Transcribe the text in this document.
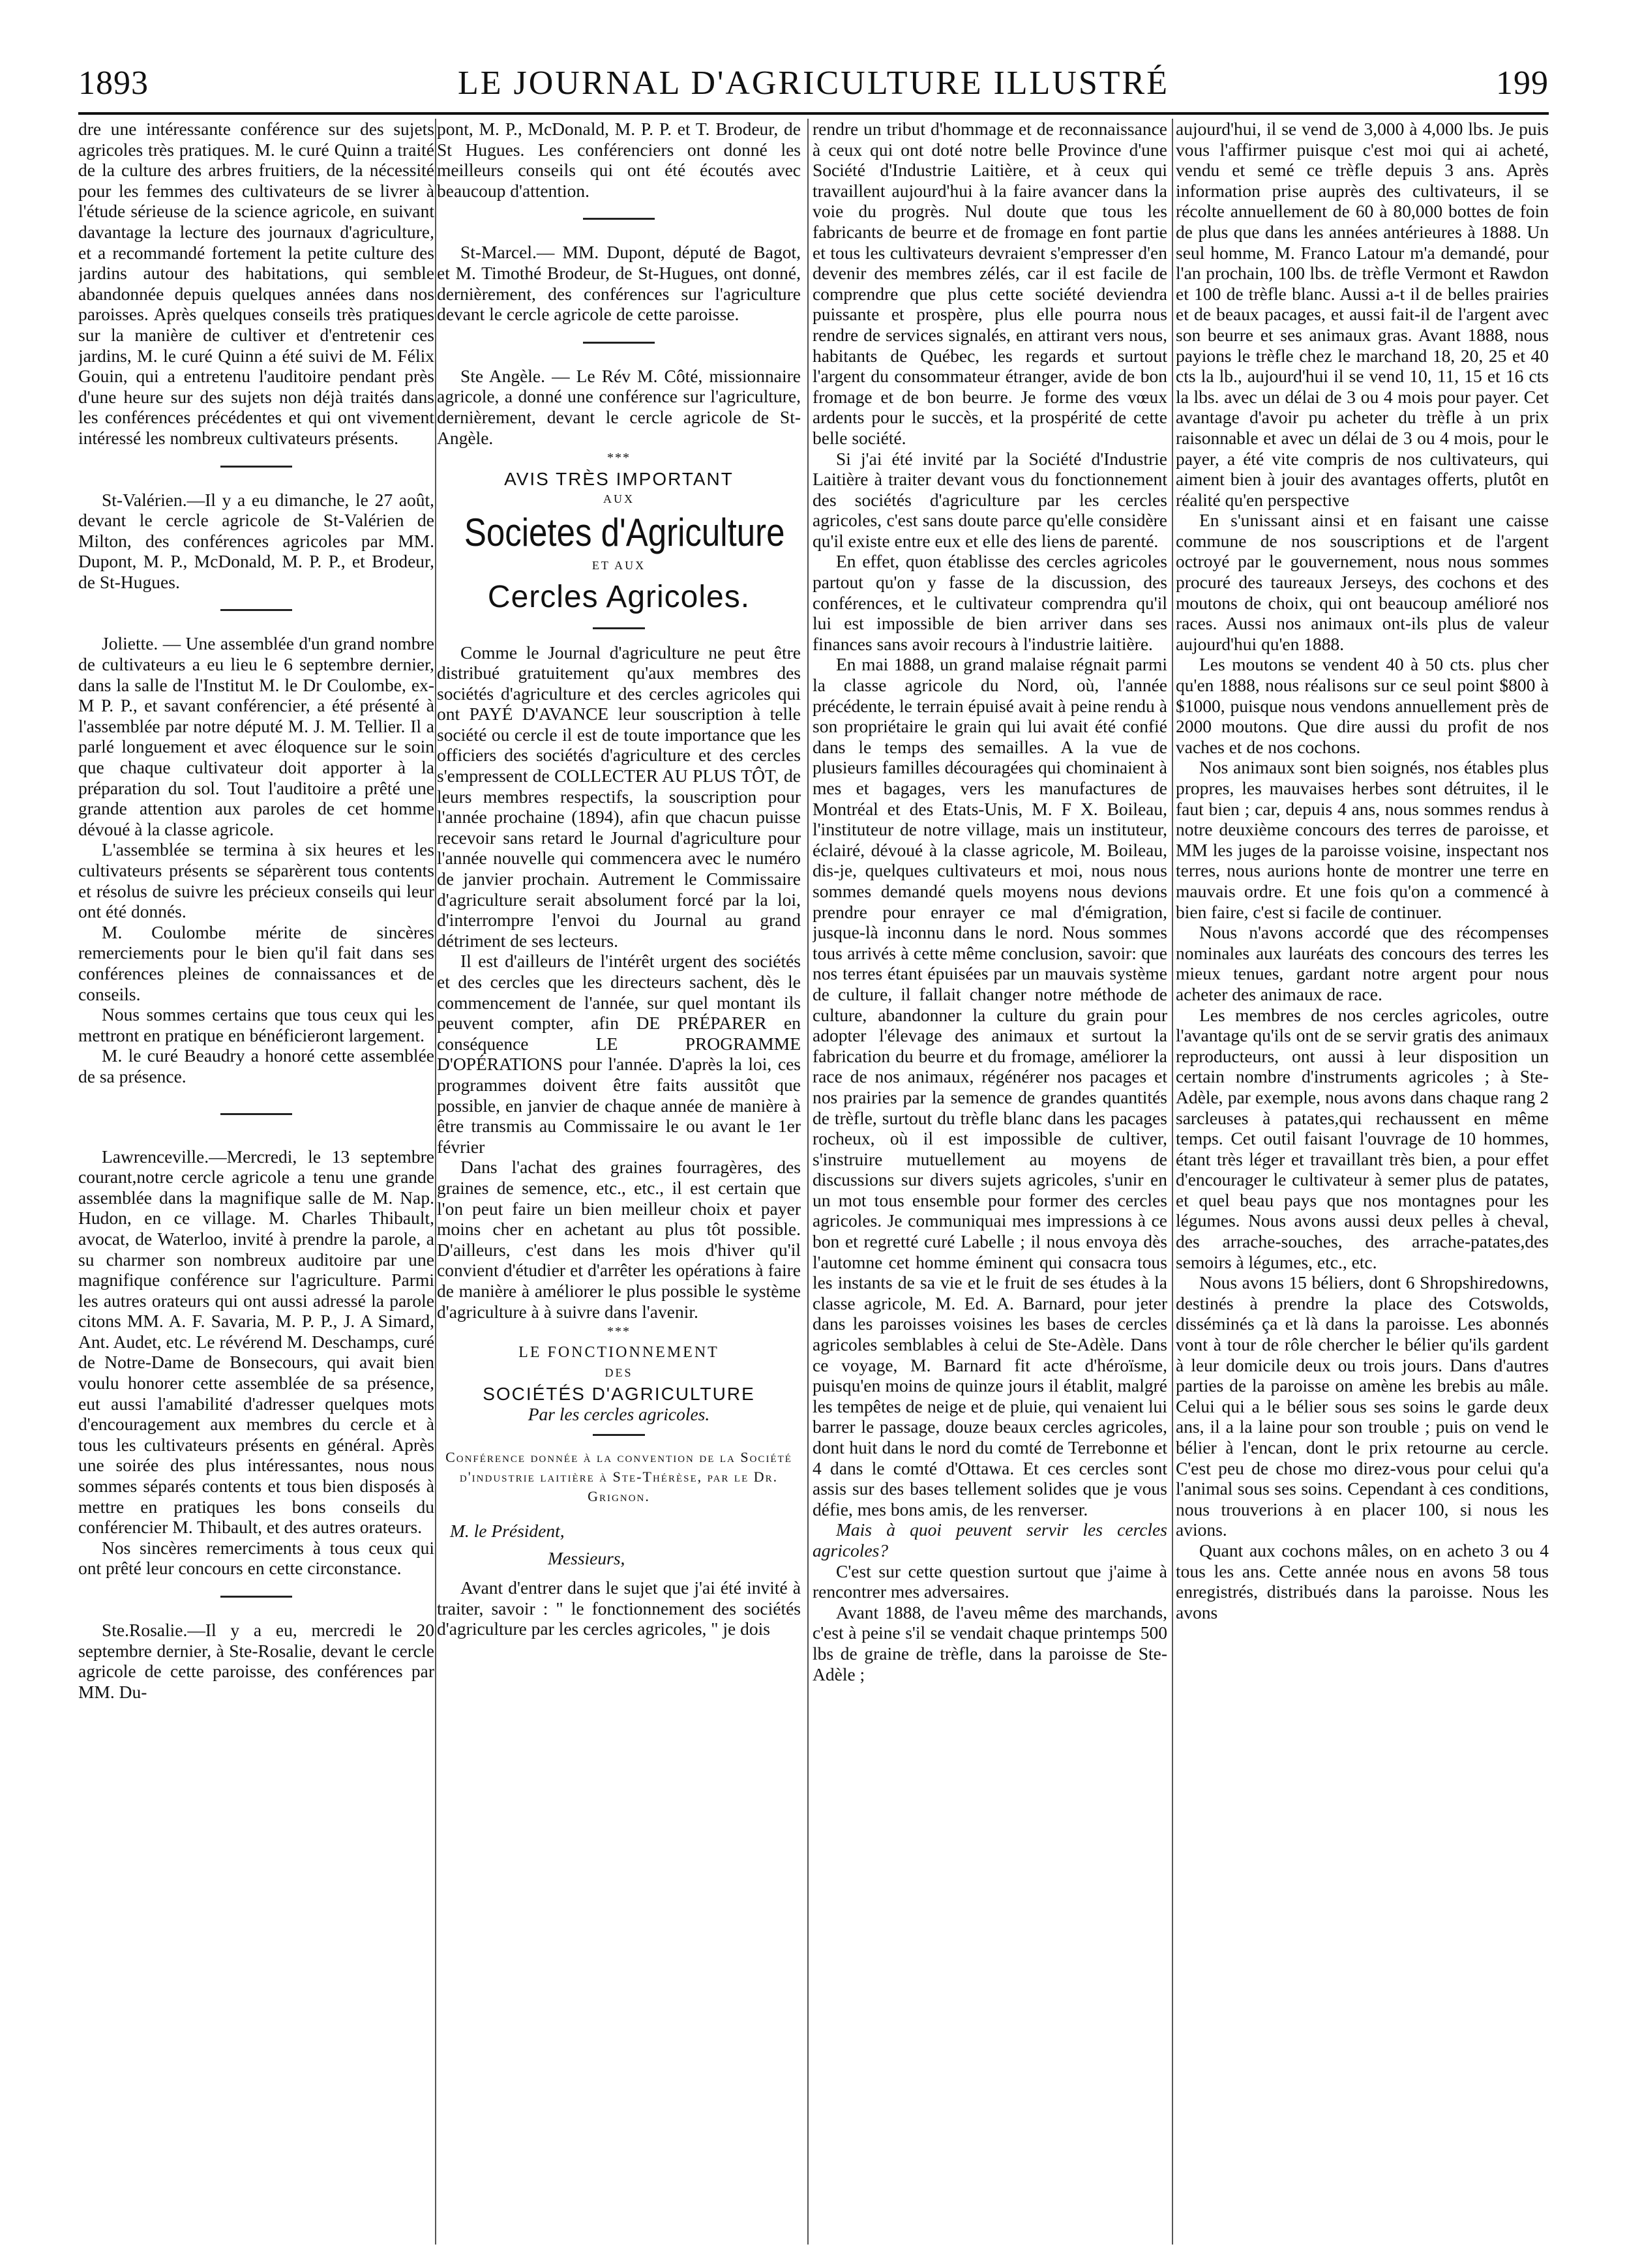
1893	LE JOURNAL D'AGRICULTURE ILLUSTRÉ	199

dre une intéressante conférence sur des sujets agricoles très pratiques. M. le curé Quinn a traité de la culture des arbres fruitiers, de la nécessité pour les femmes des cultivateurs de se livrer à l'étude sérieuse de la science agricole, en suivant davantage la lecture des journaux d'agriculture, et a recommandé fortement la petite culture des jardins autour des habitations, qui semble abandonnée depuis quelques années dans nos paroisses. Après quelques conseils très pratiques sur la manière de cultiver et d'entretenir ces jardins, M. le curé Quinn a été suivi de M. Félix Gouin, qui a entretenu l'auditoire pendant près d'une heure sur des sujets non déjà traités dans les conférences précédentes et qui ont vivement intéressé les nombreux cultivateurs présents.

St-Valérien.—Il y a eu dimanche, le 27 août, devant le cercle agricole de St-Valérien de Milton, des conférences agricoles par MM. Dupont, M. P., McDonald, M. P. P., et Brodeur, de St-Hugues.

Joliette. — Une assemblée d'un grand nombre de cultivateurs a eu lieu le 6 septembre dernier, dans la salle de l'Institut M. le Dr Coulombe, ex-M P. P., et savant conférencier, a été présenté à l'assemblée par notre député M. J. M. Tellier. Il a parlé longuement et avec éloquence sur le soin que chaque cultivateur doit apporter à la préparation du sol. Tout l'auditoire a prêté une grande attention aux paroles de cet homme dévoué à la classe agricole.

L'assemblée se termina à six heures et les cultivateurs présents se séparèrent tous contents et résolus de suivre les précieux conseils qui leur ont été donnés.

M. Coulombe mérite de sincères remerciements pour le bien qu'il fait dans ses conférences pleines de connaissances et de conseils.

Nous sommes certains que tous ceux qui les mettront en pratique en bénéficieront largement.

M. le curé Beaudry a honoré cette assemblée de sa présence.

Lawrenceville.—Mercredi, le 13 septembre courant,notre cercle agricole a tenu une grande assemblée dans la magnifique salle de M. Nap. Hudon, en ce village. M. Charles Thibault, avocat, de Waterloo, invité à prendre la parole, a su charmer son nombreux auditoire par une magnifique conférence sur l'agriculture. Parmi les autres orateurs qui ont aussi adressé la parole citons MM. A. F. Savaria, M. P. P., J. A Simard, Ant. Audet, etc. Le révérend M. Deschamps, curé de Notre-Dame de Bonsecours, qui avait bien voulu honorer cette assemblée de sa présence, eut aussi l'amabilité d'adresser quelques mots d'encouragement aux membres du cercle et à tous les cultivateurs présents en général. Après une soirée des plus intéressantes, nous nous sommes séparés contents et tous bien disposés à mettre en pratiques les bons conseils du conférencier M. Thibault, et des autres orateurs.

Nos sincères remerciments à tous ceux qui ont prêté leur concours en cette circonstance.

Ste.Rosalie.—Il y a eu, mercredi le 20 septembre dernier, à Ste-Rosalie, devant le cercle agricole de cette paroisse, des conférences par MM. Du-

pont, M. P., McDonald, M. P. P. et T. Brodeur, de St Hugues. Les conférenciers ont donné les meilleurs conseils qui ont été écoutés avec beaucoup d'attention.

St-Marcel.— MM. Dupont, député de Bagot, et M. Timothé Brodeur, de St-Hugues, ont donné, dernièrement, des conférences sur l'agriculture devant le cercle agricole de cette paroisse.

Ste Angèle. — Le Rév M. Côté, missionnaire agricole, a donné une conférence sur l'agriculture, dernièrement, devant le cercle agricole de St-Angèle.

***

AVIS TRÈS IMPORTANT

AUX

Societes d'Agriculture

ET AUX

Cercles Agricoles.

Comme le Journal d'agriculture ne peut être distribué gratuitement qu'aux membres des sociétés d'agriculture et des cercles agricoles qui ont PAYÉ D'AVANCE leur souscription à telle société ou cercle il est de toute importance que les officiers des sociétés d'agriculture et des cercles s'empressent de COLLECTER AU PLUS TÔT, de leurs membres respectifs, la souscription pour l'année prochaine (1894), afin que chacun puisse recevoir sans retard le Journal d'agriculture pour l'année nouvelle qui commencera avec le numéro de janvier prochain. Autrement le Commissaire d'agriculture serait absolument forcé par la loi, d'interrompre l'envoi du Journal au grand détriment de ses lecteurs.

Il est d'ailleurs de l'intérêt urgent des sociétés et des cercles que les directeurs sachent, dès le commencement de l'année, sur quel montant ils peuvent compter, afin DE PRÉPARER en conséquence LE PROGRAMME D'OPÉRATIONS pour l'année. D'après la loi, ces programmes doivent être faits aussitôt que possible, en janvier de chaque année de manière à être transmis au Commissaire le ou avant le 1er février

Dans l'achat des graines fourragères, des graines de semence, etc., etc., il est certain que l'on peut faire un bien meilleur choix et payer moins cher en achetant au plus tôt possible. D'ailleurs, c'est dans les mois d'hiver qu'il convient d'étudier et d'arrêter les opérations à faire de manière à améliorer le plus possible le système d'agriculture à à suivre dans l'avenir.

***

LE FONCTIONNEMENT

DES

SOCIÉTÉS D'AGRICULTURE

Par les cercles agricoles.

Conférence donnée à la convention de la Société d'industrie laitière à Ste-Thérèse, par le Dr. Grignon.

M. le Président,

Messieurs,

Avant d'entrer dans le sujet que j'ai été invité à traiter, savoir : " le fonctionnement des sociétés d'agriculture par les cercles agricoles, " je dois

rendre un tribut d'hommage et de reconnaissance à ceux qui ont doté notre belle Province d'une Société d'Industrie Laitière, et à ceux qui travaillent aujourd'hui à la faire avancer dans la voie du progrès. Nul doute que tous les fabricants de beurre et de fromage en font partie et tous les cultivateurs devraient s'empresser d'en devenir des membres zélés, car il est facile de comprendre que plus cette société deviendra puissante et prospère, plus elle pourra nous rendre de services signalés, en attirant vers nous, habitants de Québec, les regards et surtout l'argent du consommateur étranger, avide de bon fromage et de bon beurre. Je forme des vœux ardents pour le succès, et la prospérité de cette belle société.

Si j'ai été invité par la Société d'Industrie Laitière à traiter devant vous du fonctionnement des sociétés d'agriculture par les cercles agricoles, c'est sans doute parce qu'elle considère qu'il existe entre eux et elle des liens de parenté.

En effet, quon établisse des cercles agricoles partout qu'on y fasse de la discussion, des conférences, et le cultivateur comprendra qu'il lui est impossible de bien arriver dans ses finances sans avoir recours à l'industrie laitière.

En mai 1888, un grand malaise régnait parmi la classe agricole du Nord, où, l'année précédente, le terrain épuisé avait à peine rendu à son propriétaire le grain qui lui avait été confié dans le temps des semailles. A la vue de plusieurs familles découragées qui chominaient à mes et bagages, vers les manufactures de Montréal et des Etats-Unis, M. F X. Boileau, l'instituteur de notre village, mais un instituteur, éclairé, dévoué à la classe agricole, M. Boileau, dis-je, quelques cultivateurs et moi, nous nous sommes demandé quels moyens nous devions prendre pour enrayer ce mal d'émigration, jusque-là inconnu dans le nord. Nous sommes tous arrivés à cette même conclusion, savoir: que nos terres étant épuisées par un mauvais système de culture, il fallait changer notre méthode de culture, abandonner la culture du grain pour adopter l'élevage des animaux et surtout la fabrication du beurre et du fromage, améliorer la race de nos animaux, régénérer nos pacages et nos prairies par la semence de grandes quantités de trèfle, surtout du trèfle blanc dans les pacages rocheux, où il est impossible de cultiver, s'instruire mutuellement au moyens de discussions sur divers sujets agricoles, s'unir en un mot tous ensemble pour former des cercles agricoles. Je communiquai mes impressions à ce bon et regretté curé Labelle ; il nous envoya dès l'automne cet homme éminent qui consacra tous les instants de sa vie et le fruit de ses études à la classe agricole, M. Ed. A. Barnard, pour jeter dans les paroisses voisines les bases de cercles agricoles semblables à celui de Ste-Adèle. Dans ce voyage, M. Barnard fit acte d'héroïsme, puisqu'en moins de quinze jours il établit, malgré les tempêtes de neige et de pluie, qui venaient lui barrer le passage, douze beaux cercles agricoles, dont huit dans le nord du comté de Terrebonne et 4 dans le comté d'Ottawa. Et ces cercles sont assis sur des bases tellement solides que je vous défie, mes bons amis, de les renverser.

Mais à quoi peuvent servir les cercles agricoles?

C'est sur cette question surtout que j'aime à rencontrer mes adversaires.

Avant 1888, de l'aveu même des marchands, c'est à peine s'il se vendait chaque printemps 500 lbs de graine de trèfle, dans la paroisse de Ste-Adèle ;

aujourd'hui, il se vend de 3,000 à 4,000 lbs. Je puis vous l'affirmer puisque c'est moi qui ai acheté, vendu et semé ce trèfle depuis 3 ans. Après information prise auprès des cultivateurs, il se récolte annuellement de 60 à 80,000 bottes de foin de plus que dans les années antérieures à 1888. Un seul homme, M. Franco Latour m'a demandé, pour l'an prochain, 100 lbs. de trèfle Vermont et Rawdon et 100 de trèfle blanc. Aussi a-t il de belles prairies et de beaux pacages, et aussi fait-il de l'argent avec son beurre et ses animaux gras. Avant 1888, nous payions le trèfle chez le marchand 18, 20, 25 et 40 cts la lb., aujourd'hui il se vend 10, 11, 15 et 16 cts la lbs. avec un délai de 3 ou 4 mois pour payer. Cet avantage d'avoir pu acheter du trèfle à un prix raisonnable et avec un délai de 3 ou 4 mois, pour le payer, a été vite compris de nos cultivateurs, qui aiment bien à jouir des avantages offerts, plutôt en réalité qu'en perspective

En s'unissant ainsi et en faisant une caisse commune de nos souscriptions et de l'argent octroyé par le gouvernement, nous nous sommes procuré des taureaux Jerseys, des cochons et des moutons de choix, qui ont beaucoup amélioré nos races. Aussi nos animaux ont-ils plus de valeur aujourd'hui qu'en 1888.

Les moutons se vendent 40 à 50 cts. plus cher qu'en 1888, nous réalisons sur ce seul point $800 à $1000, puisque nous vendons annuellement près de 2000 moutons. Que dire aussi du profit de nos vaches et de nos cochons.

Nos animaux sont bien soignés, nos étables plus propres, les mauvaises herbes sont détruites, il le faut bien ; car, depuis 4 ans, nous sommes rendus à notre deuxième concours des terres de paroisse, et MM les juges de la paroisse voisine, inspectant nos terres, nous aurions honte de montrer une terre en mauvais ordre. Et une fois qu'on a commencé à bien faire, c'est si facile de continuer.

Nous n'avons accordé que des récompenses nominales aux lauréats des concours des terres les mieux tenues, gardant notre argent pour nous acheter des animaux de race.

Les membres de nos cercles agricoles, outre l'avantage qu'ils ont de se servir gratis des animaux reproducteurs, ont aussi à leur disposition un certain nombre d'instruments agricoles ; à Ste-Adèle, par exemple, nous avons dans chaque rang 2 sarcleuses à patates,qui rechaussent en même temps. Cet outil faisant l'ouvrage de 10 hommes, étant très léger et travaillant très bien, a pour effet d'encourager le cultivateur à semer plus de patates, et quel beau pays que nos montagnes pour les légumes. Nous avons aussi deux pelles à cheval, des arrache-souches, des arrache-patates,des semoirs à légumes, etc., etc.

Nous avons 15 béliers, dont 6 Shropshiredowns, destinés à prendre la place des Cotswolds, disséminés ça et là dans la paroisse. Les abonnés vont à tour de rôle chercher le bélier qu'ils gardent à leur domicile deux ou trois jours. Dans d'autres parties de la paroisse on amène les brebis au mâle. Celui qui a le bélier sous ses soins le garde deux ans, il a la laine pour son trouble ; puis on vend le bélier à l'encan, dont le prix retourne au cercle. C'est peu de chose mo direz-vous pour celui qu'a l'animal sous ses soins. Cependant à ces conditions, nous trouverions à en placer 100, si nous les avions.

Quant aux cochons mâles, on en acheto 3 ou 4 tous les ans. Cette année nous en avons 58 tous enregistrés, distribués dans la paroisse. Nous les avons
